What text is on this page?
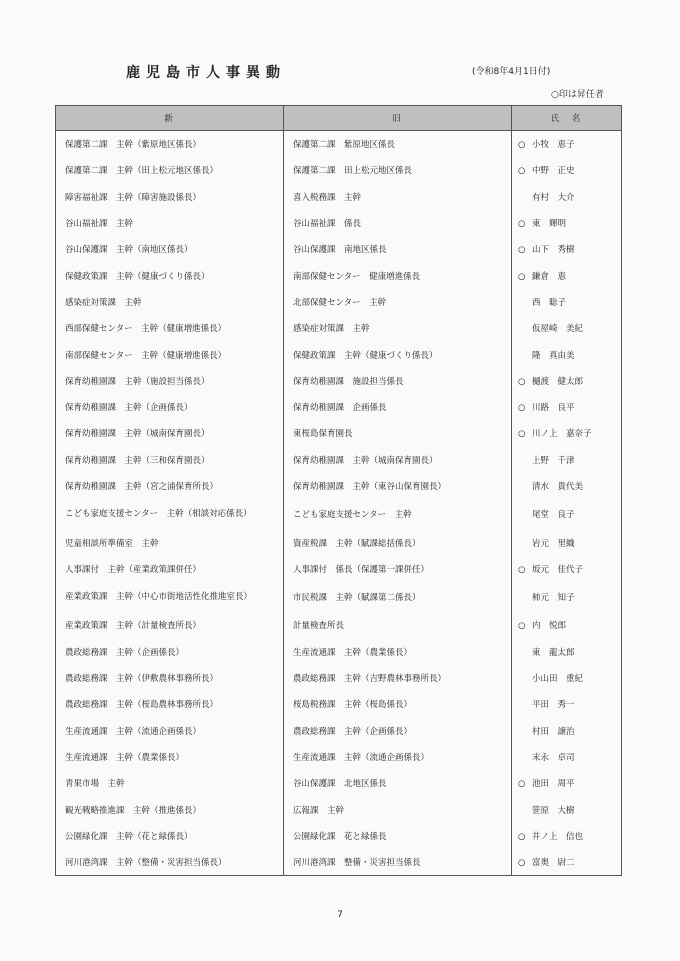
鹿児島市人事異動	(令和8年4月1日付)
○印は昇任者
新	旧	氏　名
保護第二課　主幹（紫原地区係長）	保護第二課　紫原地区係長	○ 小牧　恵子
保護第二課　主幹（田上松元地区係長）	保護第二課　田上松元地区係長	○ 中野　正史
障害福祉課　主幹（障害施設係長）	喜入税務課　主幹	有村　大介
谷山福祉課　主幹	谷山福祉課　係長	○ 東　輝明
谷山保護課　主幹（南地区係長）	谷山保護課　南地区係長	○ 山下　秀樹
保健政策課　主幹（健康づくり係長）	南部保健センター　健康増進係長	○ 鎌倉　恵
感染症対策課　主幹	北部保健センター　主幹	西　聡子
西部保健センター　主幹（健康増進係長）	感染症対策課　主幹	仮屋崎　美紀
南部保健センター　主幹（健康増進係長）	保健政策課　主幹（健康づくり係長）	隆　真由美
保育幼稚園課　主幹（施設担当係長）	保育幼稚園課　施設担当係長	○ 樋渡　健太郎
保育幼稚園課　主幹（企画係長）	保育幼稚園課　企画係長	○ 川路　良平
保育幼稚園課　主幹（城南保育園長）	東桜島保育園長	○ 川ノ上　嘉奈子
保育幼稚園課　主幹（三和保育園長）	保育幼稚園課　主幹（城南保育園長）	上野　千津
保育幼稚園課　主幹（宮之浦保育所長）	保育幼稚園課　主幹（東谷山保育園長）	清水　貴代美
こども家庭支援センター　主幹（相談対応係長）	こども家庭支援センター　主幹	尾堂　良子
児童相談所準備室　主幹	資産税課　主幹（賦課総括係長）	岩元　里織
人事課付　主幹（産業政策課併任）	人事課付　係長（保護第一課併任）	○ 坂元　佳代子
産業政策課　主幹（中心市街地活性化推進室長）	市民税課　主幹（賦課第二係長）	柿元　知子
産業政策課　主幹（計量検査所長）	計量検査所長	○ 内　悦郎
農政総務課　主幹（企画係長）	生産流通課　主幹（農業係長）	東　龍太郎
農政総務課　主幹（伊敷農林事務所長）	農政総務課　主幹（吉野農林事務所長）	小山田　重紀
農政総務課　主幹（桜島農林事務所長）	桜島税務課　主幹（桜島係長）	平田　秀一
生産流通課　主幹（流通企画係長）	農政総務課　主幹（企画係長）	村田　譲治
生産流通課　主幹（農業係長）	生産流通課　主幹（流通企画係長）	末永　卓司
青果市場　主幹	谷山保護課　北地区係長	○ 池田　周平
観光戦略推進課　主幹（推進係長）	広報課　主幹	笹原　大樹
公園緑化課　主幹（花と緑係長）	公園緑化課　花と緑係長	○ 井ノ上　信也
河川港湾課　主幹（整備・災害担当係長）	河川港湾課　整備・災害担当係長	○ 富奥　尉二
7
